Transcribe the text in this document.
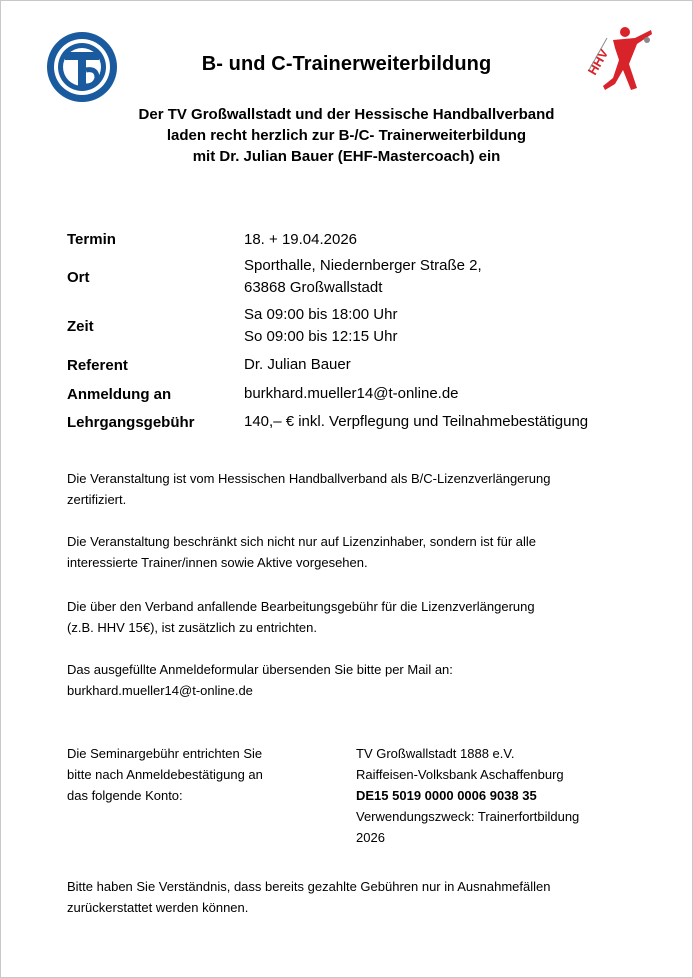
TVG
HHV
B- und C-Trainerweiterbildung
Der TV Großwallstadt und der Hessische Handballverband
laden recht herzlich zur B-/C- Trainerweiterbildung
mit Dr. Julian Bauer (EHF-Mastercoach) ein
Termin	18. + 19.04.2026

Ort	Sporthalle, Niedernberger Straße 2,
63868 Großwallstadt

Zeit	Sa 09:00 bis 18:00 Uhr
So 09:00 bis 12:15 Uhr

Referent	Dr. Julian Bauer

Anmeldung an	burkhard.mueller14@t-online.de

Lehrgangsgebühr	140,– € inkl. Verpflegung und Teilnahmebestätigung
Die Veranstaltung ist vom Hessischen Handballverband als B/C-Lizenzverlängerung
zertifiziert.
Die Veranstaltung beschränkt sich nicht nur auf Lizenzinhaber, sondern ist für alle
interessierte Trainer/innen sowie Aktive vorgesehen.
Die über den Verband anfallende Bearbeitungsgebühr für die Lizenzverlängerung
(z.B. HHV 15€), ist zusätzlich zu entrichten.
Das ausgefüllte Anmeldeformular übersenden Sie bitte per Mail an:
burkhard.mueller14@t-online.de
Die Seminargebühr entrichten Sie
bitte nach Anmeldebestätigung an
das folgende Konto:
TV Großwallstadt 1888 e.V.
Raiffeisen-Volksbank Aschaffenburg
DE15 5019 0000 0006 9038 35
Verwendungszweck: Trainerfortbildung
2026
Bitte haben Sie Verständnis, dass bereits gezahlte Gebühren nur in Ausnahmefällen
zurückerstattet werden können.
